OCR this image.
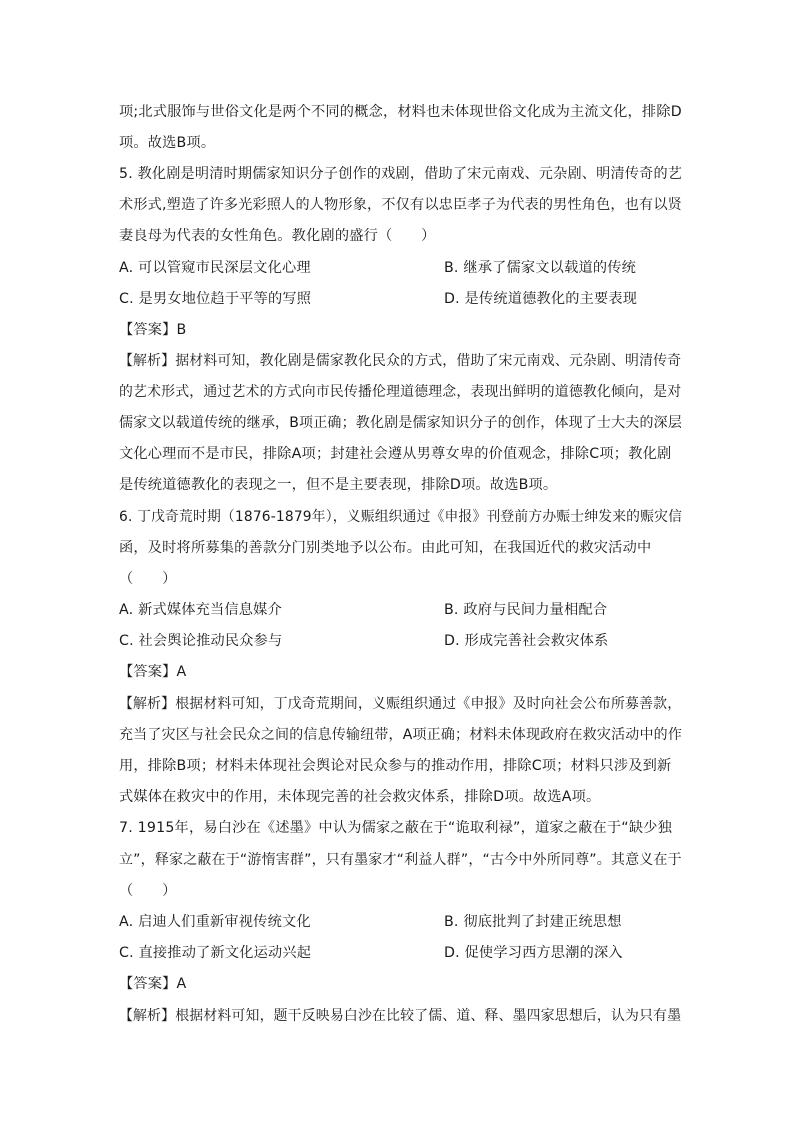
项;北式服饰与世俗文化是两个不同的概念，材料也未体现世俗文化成为主流文化，排除D
项。故选B项。
5. 教化剧是明清时期儒家知识分子创作的戏剧，借助了宋元南戏、元杂剧、明清传奇的艺
术形式,塑造了许多光彩照人的人物形象，不仅有以忠臣孝子为代表的男性角色，也有以贤
妻良母为代表的女性角色。教化剧的盛行（　　）
A. 可以管窥市民深层文化心理	B. 继承了儒家文以载道的传统
C. 是男女地位趋于平等的写照	D. 是传统道德教化的主要表现
【答案】B
【解析】据材料可知，教化剧是儒家教化民众的方式，借助了宋元南戏、元杂剧、明清传奇
的艺术形式，通过艺术的方式向市民传播伦理道德理念，表现出鲜明的道德教化倾向，是对
儒家文以载道传统的继承，B项正确；教化剧是儒家知识分子的创作，体现了士大夫的深层
文化心理而不是市民，排除A项；封建社会遵从男尊女卑的价值观念，排除C项；教化剧
是传统道德教化的表现之一，但不是主要表现，排除D项。故选B项。
6. 丁戊奇荒时期（1876-1879年），义赈组织通过《申报》刊登前方办赈士绅发来的赈灾信
函，及时将所募集的善款分门别类地予以公布。由此可知，在我国近代的救灾活动中
（　　）
A. 新式媒体充当信息媒介	B. 政府与民间力量相配合
C. 社会舆论推动民众参与	D. 形成完善社会救灾体系
【答案】A
【解析】根据材料可知，丁戊奇荒期间，义赈组织通过《申报》及时向社会公布所募善款，
充当了灾区与社会民众之间的信息传输纽带，A项正确；材料未体现政府在救灾活动中的作
用，排除B项；材料未体现社会舆论对民众参与的推动作用，排除C项；材料只涉及到新
式媒体在救灾中的作用，未体现完善的社会救灾体系，排除D项。故选A项。
7. 1915年，易白沙在《述墨》中认为儒家之蔽在于“诡取利禄”，道家之蔽在于“缺少独
立”，释家之蔽在于“游惰害群”，只有墨家才“利益人群”，“古今中外所同尊”。其意义在于
（　　）
A. 启迪人们重新审视传统文化	B. 彻底批判了封建正统思想
C. 直接推动了新文化运动兴起	D. 促使学习西方思潮的深入
【答案】A
【解析】根据材料可知，题干反映易白沙在比较了儒、道、释、墨四家思想后，认为只有墨
